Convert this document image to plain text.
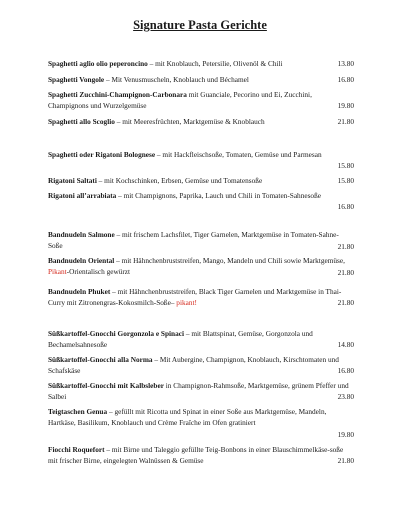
Signature Pasta Gerichte
Spaghetti aglio olio peperoncino – mit Knoblauch, Petersilie, Olivenöl & Chili	13.80
Spaghetti Vongole – Mit Venusmuscheln, Knoblauch und Béchamel	16.80
Spaghetti Zucchini-Champignon-Carbonara mit Guanciale, Pecorino und Ei, Zucchini, Champignons und Wurzelgemüse	19.80
Spaghetti allo Scoglio – mit Meeresfrüchten, Marktgemüse & Knoblauch	21.80
Spaghetti oder Rigatoni Bolognese – mit Hackfleischsoße, Tomaten, Gemüse und Parmesan
15.80
Rigatoni Saltati – mit Kochschinken, Erbsen, Gemüse und Tomatensoße	15.80
Rigatoni all’arrabiata – mit Champignons, Paprika, Lauch und Chili in Tomaten-Sahnesoße
16.80
Bandnudeln Salmone – mit frischem Lachsfilet, Tiger Garnelen, Marktgemüse in Tomaten-Sahne-Soße	21.80
Bandnudeln Oriental – mit Hähnchenbruststreifen, Mango, Mandeln und Chili sowie Marktgemüse, Pikant-Orientalisch gewürzt	21.80
Bandnudeln Phuket – mit Hähnchenbruststreifen, Black Tiger Garnelen und Marktgemüse in Thai-Curry mit Zitronengras-Kokosmilch-Soße– pikant!	21.80
Süßkartoffel-Gnocchi Gorgonzola e Spinaci – mit Blattspinat, Gemüse, Gorgonzola und Bechamelsahnesoße	14.80
Süßkartoffel-Gnocchi alla Norma – Mit Aubergine, Champignon, Knoblauch, Kirschtomaten und Schafskäse	16.80
Süßkartoffel-Gnocchi mit Kalbsleber in Champignon-Rahmsoße, Marktgemüse, grünem Pfeffer und Salbei	23.80
Teigtaschen Genua – gefüllt mit Ricotta und Spinat in einer Soße aus Marktgemüse, Mandeln, Hartkäse, Basilikum, Knoblauch und Crème Fraîche im Ofen gratiniert
19.80
Fiocchi Roquefort – mit Birne und Taleggio gefüllte Teig-Bonbons in einer Blauschimmelkäse-soße mit frischer Birne, eingelegten Walnüssen & Gemüse	21.80
